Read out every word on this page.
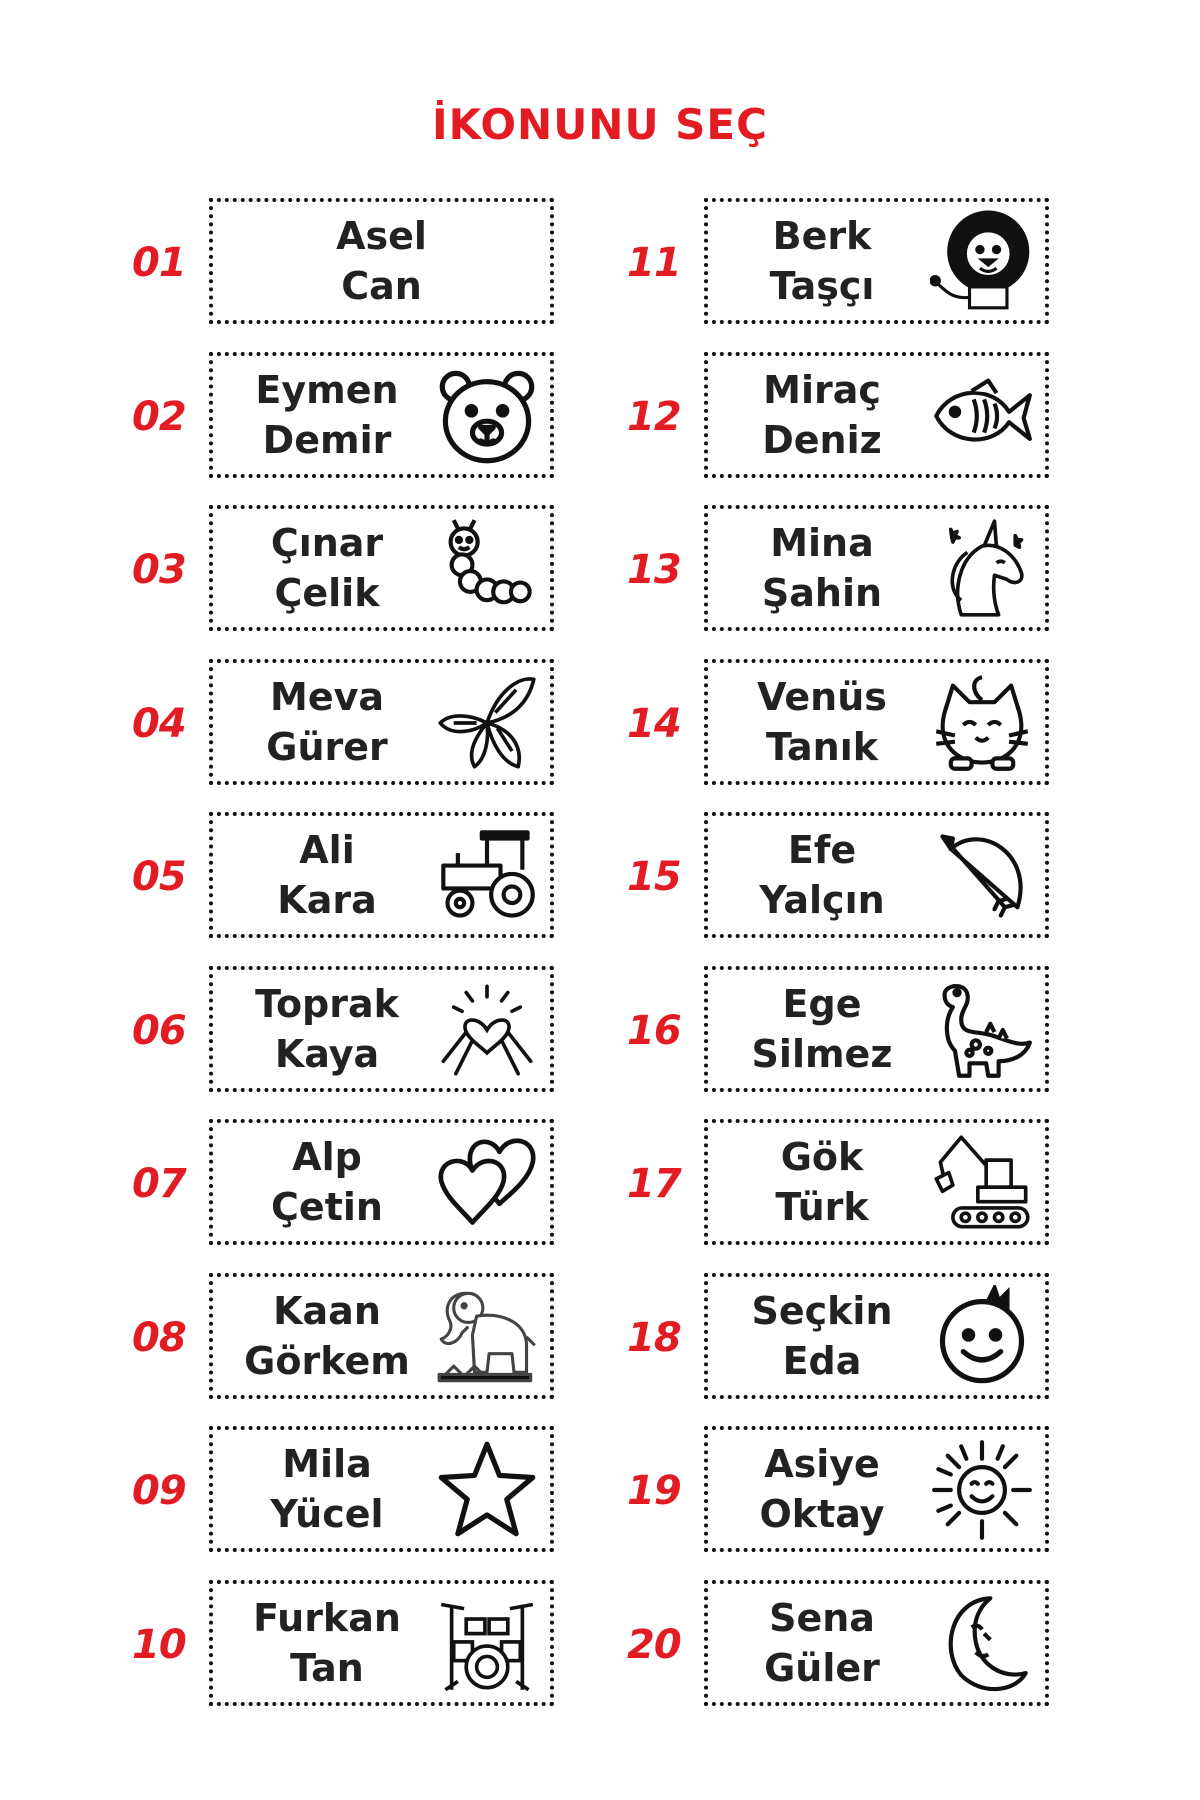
İKONUNU SEÇ
01
Asel
Can
02
Eymen
Demir
03
Çınar
Çelik
04
Meva
Gürer
05
Ali
Kara
06
Toprak
Kaya
07
Alp
Çetin
08
Kaan
Görkem
09
Mila
Yücel
10
Furkan
Tan
11
Berk
Taşçı
12
Miraç
Deniz
13
Mina
Şahin
14
Venüs
Tanık
15
Efe
Yalçın
16
Ege
Silmez
17
Gök
Türk
18
Seçkin
Eda
19
Asiye
Oktay
20
Sena
Güler
